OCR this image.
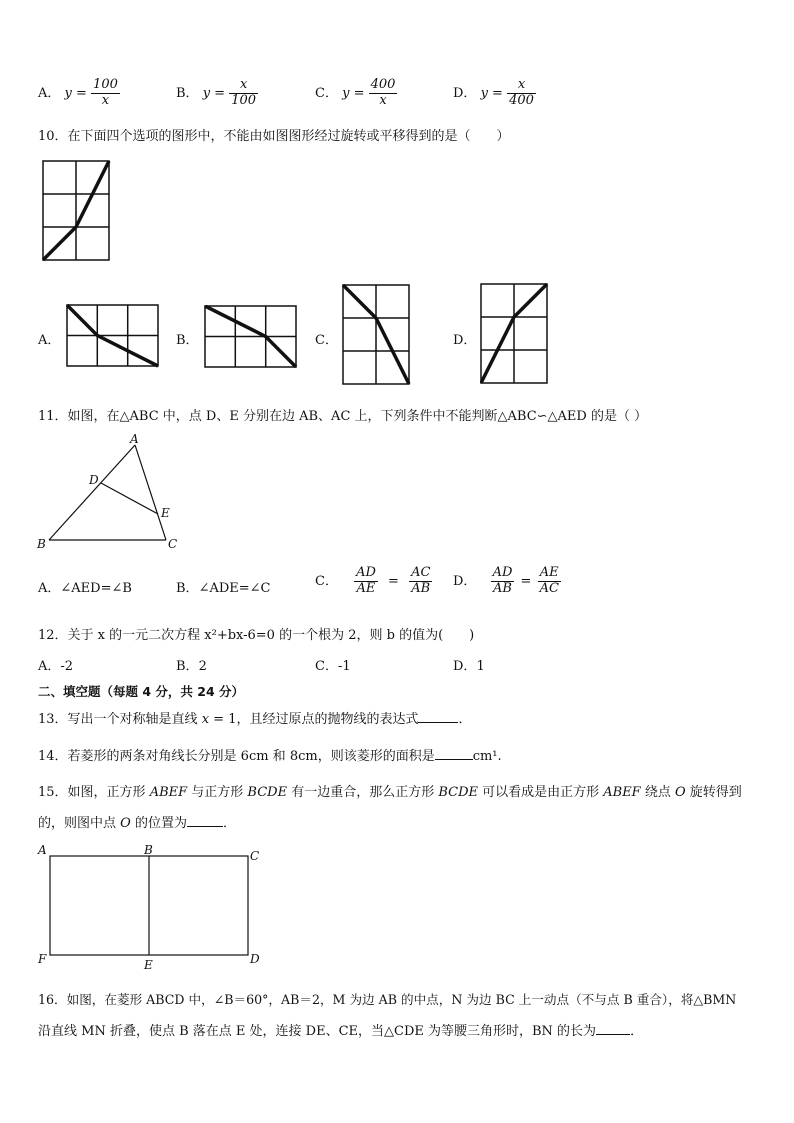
A． $y = \frac{100}{x}$	B． $y = \frac{x}{100}$	C． $y = \frac{400}{x}$	D． $y = \frac{x}{400}$
10．在下面四个选项的图形中，不能由如图图形经过旋转或平移得到的是（　　）
A．	B．	C．	D．
11．如图，在△ABC 中，点 D、E 分别在边 AB、AC 上，下列条件中不能判断△ABC∽△AED 的是（ ）
A
D
E
B	C
A．∠AED=∠B	B．∠ADE=∠C	C． $\frac{AD}{AE} = \frac{AC}{AB}$ D． $\frac{AD}{AB} = \frac{AE}{AC}$
12．关于 x 的一元二次方程 x²+bx-6=0 的一个根为 2，则 b 的值为(　　)
A．-2	B．2	C．-1	D．1
二、填空题（每题 4 分，共 24 分）
13．写出一个对称轴是直线 x = 1，且经过原点的抛物线的表达式	．
14．若菱形的两条对角线长分别是 6cm 和 8cm，则该菱形的面积是	cm¹.
15．如图，正方形 ABEF 与正方形 BCDE 有一边重合，那么正方形 BCDE 可以看成是由正方形 ABEF 绕点 O 旋转得到
的，则图中点 O 的位置为	．
A	B	C
F	E	D
16．如图，在菱形 ABCD 中，∠B＝60°，AB＝2，M 为边 AB 的中点，N 为边 BC 上一动点（不与点 B 重合），将△BMN
沿直线 MN 折叠，使点 B 落在点 E 处，连接 DE、CE，当△CDE 为等腰三角形时，BN 的长为	．
